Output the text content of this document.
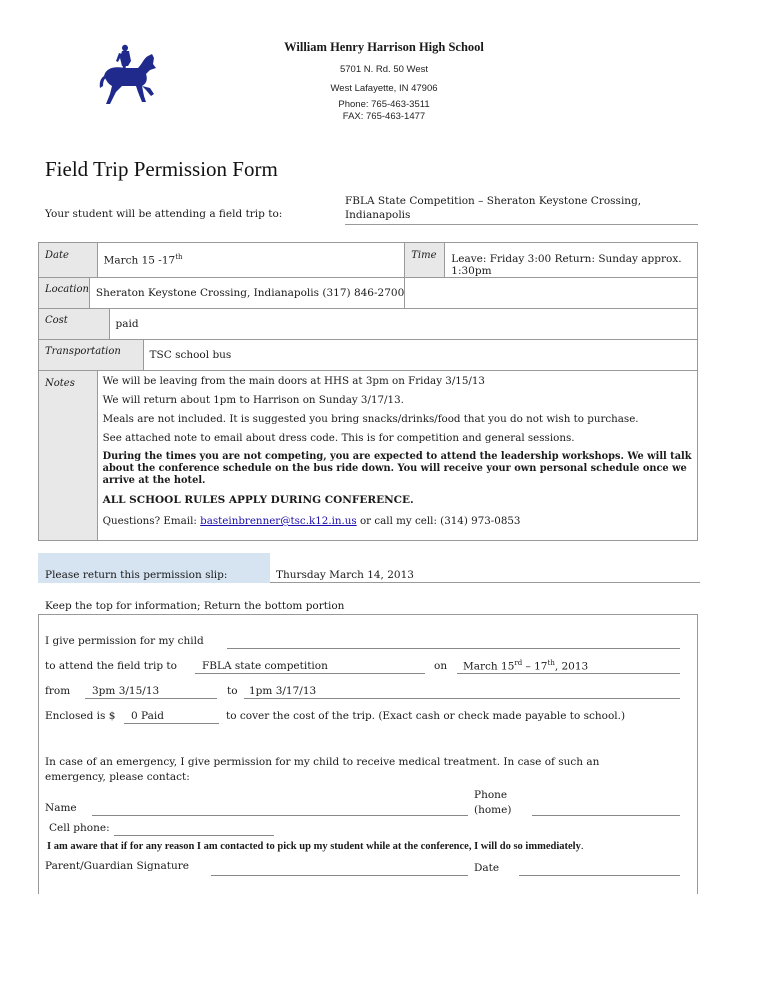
William Henry Harrison High School
5701 N. Rd. 50 West
West Lafayette, IN 47906
Phone: 765-463-3511
FAX: 765-463-1477
Field Trip Permission Form
Your student will be attending a field trip to:
FBLA State Competition – Sheraton Keystone Crossing, Indianapolis
Date	March 15 -17th	Time	Leave: Friday 3:00 Return: Sunday approx. 1:30pm

Location	Sheraton Keystone Crossing, Indianapolis (317) 846-2700

Cost	paid

Transportation	TSC school bus

Notes	We will be leaving from the main doors at HHS at 3pm on Friday 3/15/13
We will return about 1pm to Harrison on Sunday 3/17/13.
Meals are not included. It is suggested you bring snacks/drinks/food that you do not wish to purchase.
See attached note to email about dress code. This is for competition and general sessions.
During the times you are not competing, you are expected to attend the leadership workshops. We will talk about the conference schedule on the bus ride down. You will receive your own personal schedule once we arrive at the hotel.
ALL SCHOOL RULES APPLY DURING CONFERENCE.
Questions? Email: basteinbrenner@tsc.k12.in.us or call my cell: (314) 973-0853
Please return this permission slip:	Thursday March 14, 2013
Keep the top for information; Return the bottom portion
I give permission for my child
to attend the field trip to FBLA state competition	on March 15rd – 17th, 2013
from 3pm 3/15/13	to 1pm 3/17/13
Enclosed is $ 0 Paid	to cover the cost of the trip. (Exact cash or check made payable to school.)
In case of an emergency, I give permission for my child to receive medical treatment. In case of such an emergency, please contact:
Name
Phone
(home)
Cell phone:
I am aware that if for any reason I am contacted to pick up my student while at the conference, I will do so immediately.
Parent/Guardian Signature	Date
